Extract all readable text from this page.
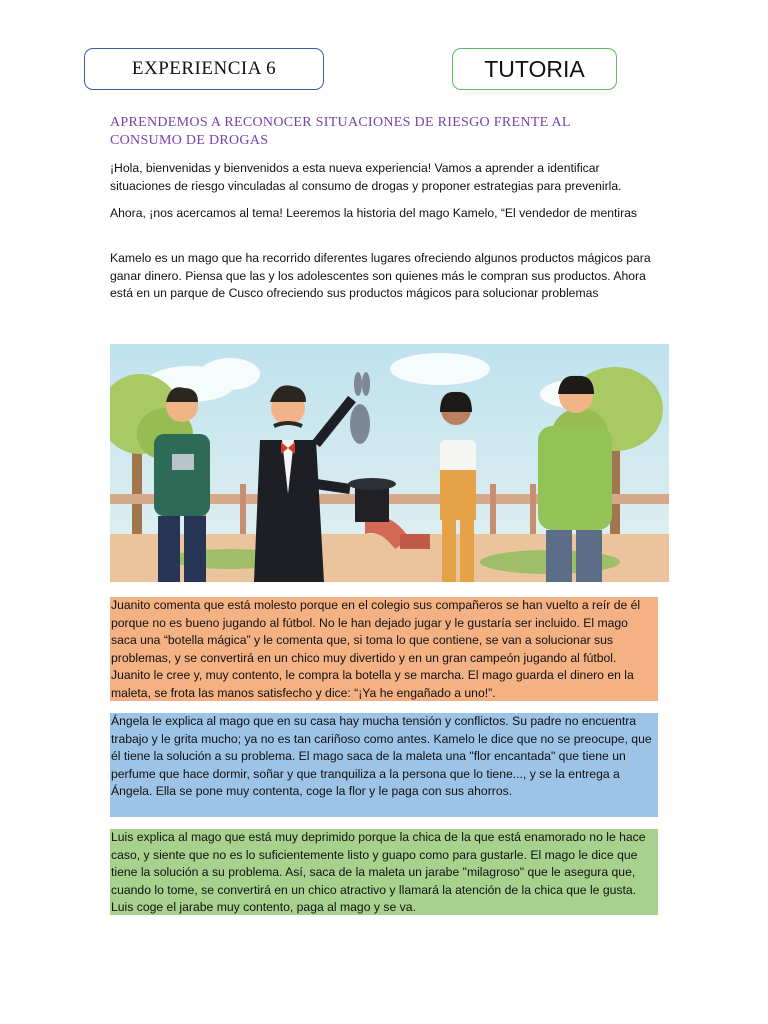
EXPERIENCIA 6	TUTORIA
APRENDEMOS A RECONOCER SITUACIONES DE RIESGO FRENTE AL CONSUMO DE DROGAS

¡Hola, bienvenidas y bienvenidos a esta nueva experiencia! Vamos a aprender a identificar situaciones de riesgo vinculadas al consumo de drogas y proponer estrategias para prevenirla.

Ahora, ¡nos acercamos al tema! Leeremos la historia del mago Kamelo, “El vendedor de mentiras

Kamelo es un mago que ha recorrido diferentes lugares ofreciendo algunos productos mágicos para ganar dinero. Piensa que las y los adolescentes son quienes más le compran sus productos. Ahora está en un parque de Cusco ofreciendo sus productos mágicos para solucionar problemas

Juanito comenta que está molesto porque en el colegio sus compañeros se han vuelto a reír de él porque no es bueno jugando al fútbol. No le han dejado jugar y le gustaría ser incluido. El mago saca una “botella mágica” y le comenta que, si toma lo que contiene, se van a solucionar sus problemas, y se convertirá en un chico muy divertido y en un gran campeón jugando al fútbol. Juanito le cree y, muy contento, le compra la botella y se marcha. El mago guarda el dinero en la maleta, se frota las manos satisfecho y dice: “¡Ya he engañado a uno!”.
Ángela le explica al mago que en su casa hay mucha tensión y conflictos. Su padre no encuentra trabajo y le grita mucho; ya no es tan cariñoso como antes. Kamelo le dice que no se preocupe, que él tiene la solución a su problema. El mago saca de la maleta una "flor encantada" que tiene un perfume que hace dormir, soñar y que tranquiliza a la persona que lo tiene..., y se la entrega a Ángela. Ella se pone muy contenta, coge la flor y le paga con sus ahorros.
Luis explica al mago que está muy deprimido porque la chica de la que está enamorado no le hace caso, y siente que no es lo suficientemente listo y guapo como para gustarle. El mago le dice que tiene la solución a su problema. Así, saca de la maleta un jarabe "milagroso" que le asegura que, cuando lo tome, se convertirá en un chico atractivo y llamará la atención de la chica que le gusta. Luis coge el jarabe muy contento, paga al mago y se va.
